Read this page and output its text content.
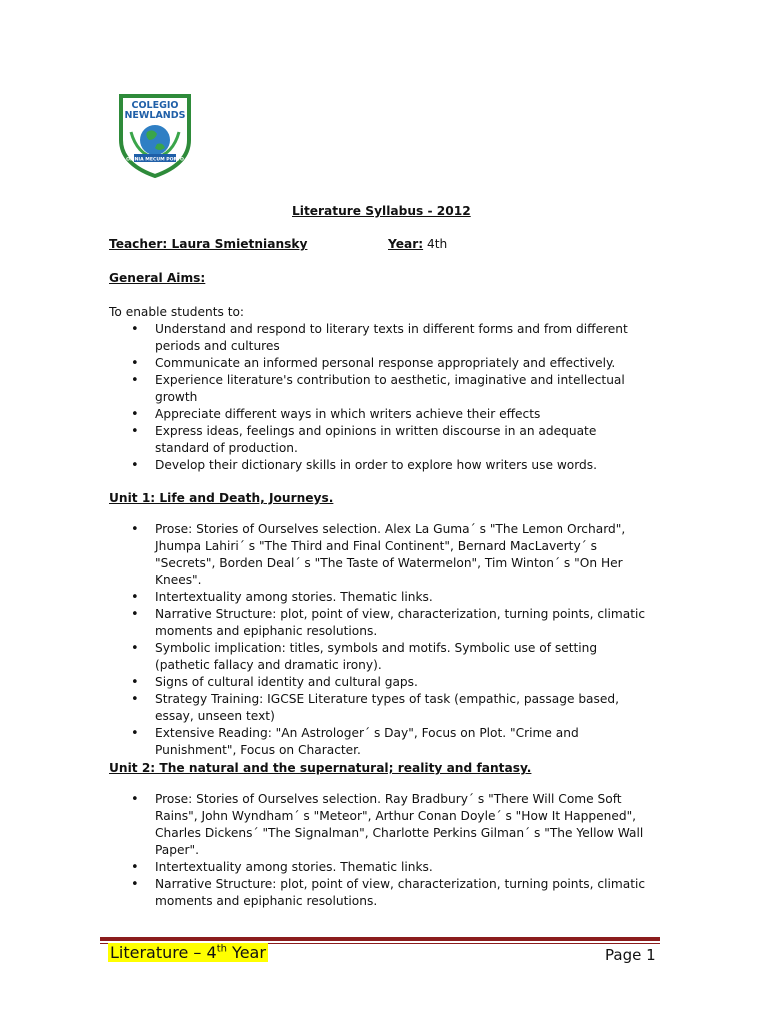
COLEGIO
NEWLANDS
OMNIA MECUM PORTO
Literature Syllabus - 2012
Teacher: Laura Smietniansky	Year: 4th
General Aims:
To enable students to:
• Understand and respond to literary texts in different forms and from different periods and cultures
• Communicate an informed personal response appropriately and effectively.
• Experience literature's contribution to aesthetic, imaginative and intellectual growth
• Appreciate different ways in which writers achieve their effects
• Express ideas, feelings and opinions in written discourse in an adequate standard of production.
• Develop their dictionary skills in order to explore how writers use words.
Unit 1: Life and Death, Journeys.
• Prose: Stories of Ourselves selection. Alex La Guma´ s "The Lemon Orchard", Jhumpa Lahiri´ s "The Third and Final Continent", Bernard MacLaverty´ s "Secrets", Borden Deal´ s "The Taste of Watermelon", Tim Winton´ s "On Her Knees".
• Intertextuality among stories. Thematic links.
• Narrative Structure: plot, point of view, characterization, turning points, climatic moments and epiphanic resolutions.
• Symbolic implication: titles, symbols and motifs. Symbolic use of setting (pathetic fallacy and dramatic irony).
• Signs of cultural identity and cultural gaps.
• Strategy Training: IGCSE Literature types of task (empathic, passage based, essay, unseen text)
• Extensive Reading: "An Astrologer´ s Day", Focus on Plot. "Crime and Punishment", Focus on Character.
Unit 2: The natural and the supernatural; reality and fantasy.
• Prose: Stories of Ourselves selection. Ray Bradbury´ s "There Will Come Soft Rains", John Wyndham´ s "Meteor", Arthur Conan Doyle´ s "How It Happened", Charles Dickens´ "The Signalman", Charlotte Perkins Gilman´ s "The Yellow Wall Paper".
• Intertextuality among stories. Thematic links.
• Narrative Structure: plot, point of view, characterization, turning points, climatic moments and epiphanic resolutions.
Literature – 4th Year	Page 1
